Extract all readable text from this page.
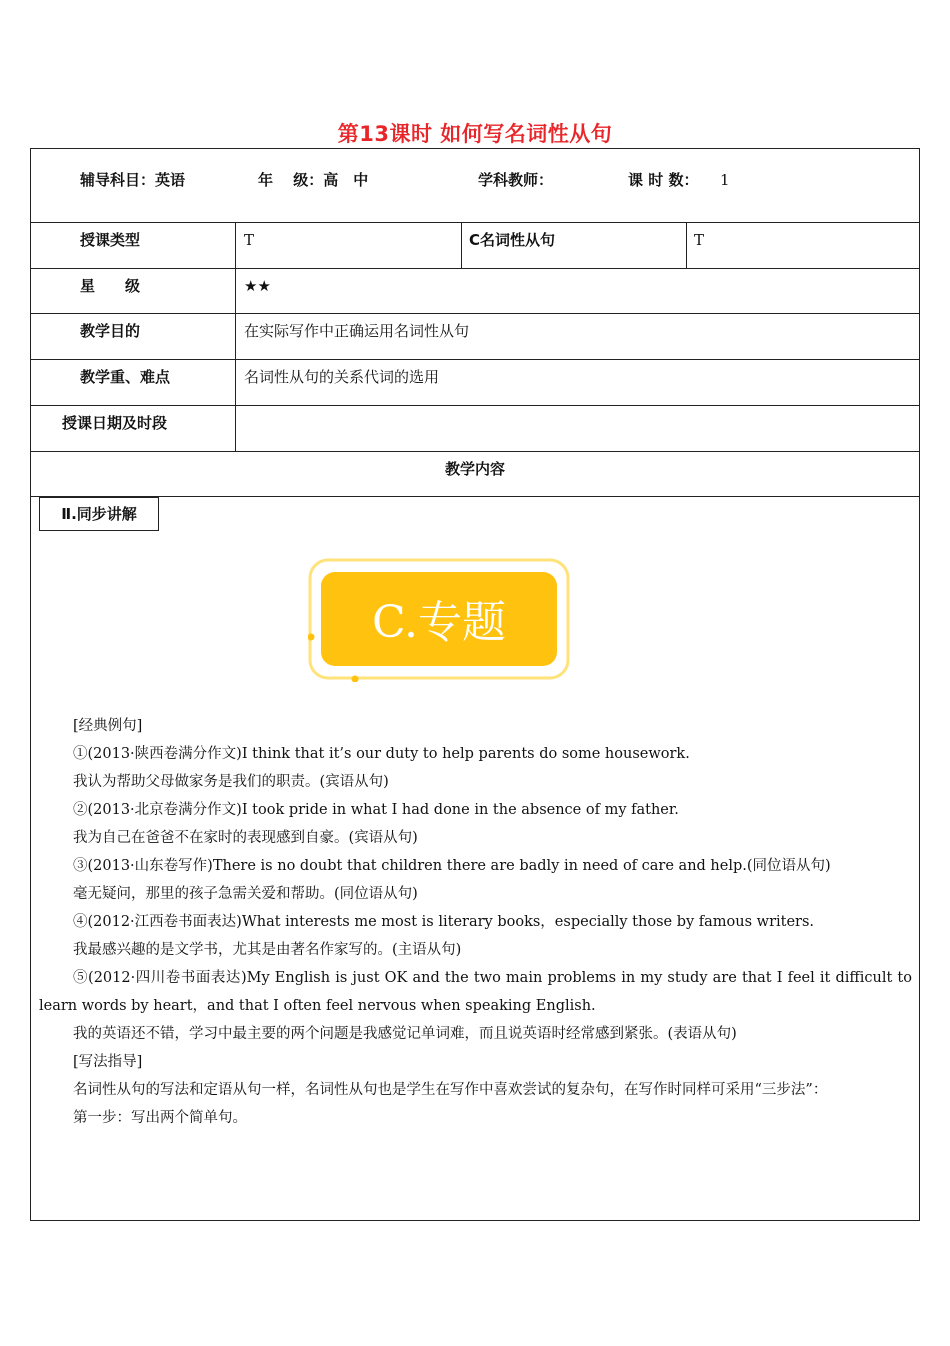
第13课时 如何写名词性从句
辅导科目：英语	年　 级：高　中	学科教师：	课 时 数： 1
授课类型	T	C名词性从句	T
星　　级	★★
教学目的	在实际写作中正确运用名词性从句
教学重、难点	名词性从句的关系代词的选用
授课日期及时段
教学内容
Ⅱ.同步讲解
C.专题

[经典例句]

①(2013·陕西卷满分作文)I think that it’s our duty to help parents do some housework.

我认为帮助父母做家务是我们的职责。(宾语从句)

②(2013·北京卷满分作文)I took pride in what I had done in the absence of my father.

我为自己在爸爸不在家时的表现感到自豪。(宾语从句)

③(2013·山东卷写作)There is no doubt that children there are badly in need of care and help.(同位语从句)

毫无疑问，那里的孩子急需关爱和帮助。(同位语从句)

④(2012·江西卷书面表达)What interests me most is literary books，especially those by famous writers.

我最感兴趣的是文学书，尤其是由著名作家写的。(主语从句)

⑤(2012·四川卷书面表达)My English is just OK and the two main problems in my study are that I feel it difficult to learn words by heart，and that I often feel nervous when speaking English.

我的英语还不错，学习中最主要的两个问题是我感觉记单词难，而且说英语时经常感到紧张。(表语从句)

[写法指导]

名词性从句的写法和定语从句一样，名词性从句也是学生在写作中喜欢尝试的复杂句，在写作时同样可采用“三步法”：

第一步：写出两个简单句。
